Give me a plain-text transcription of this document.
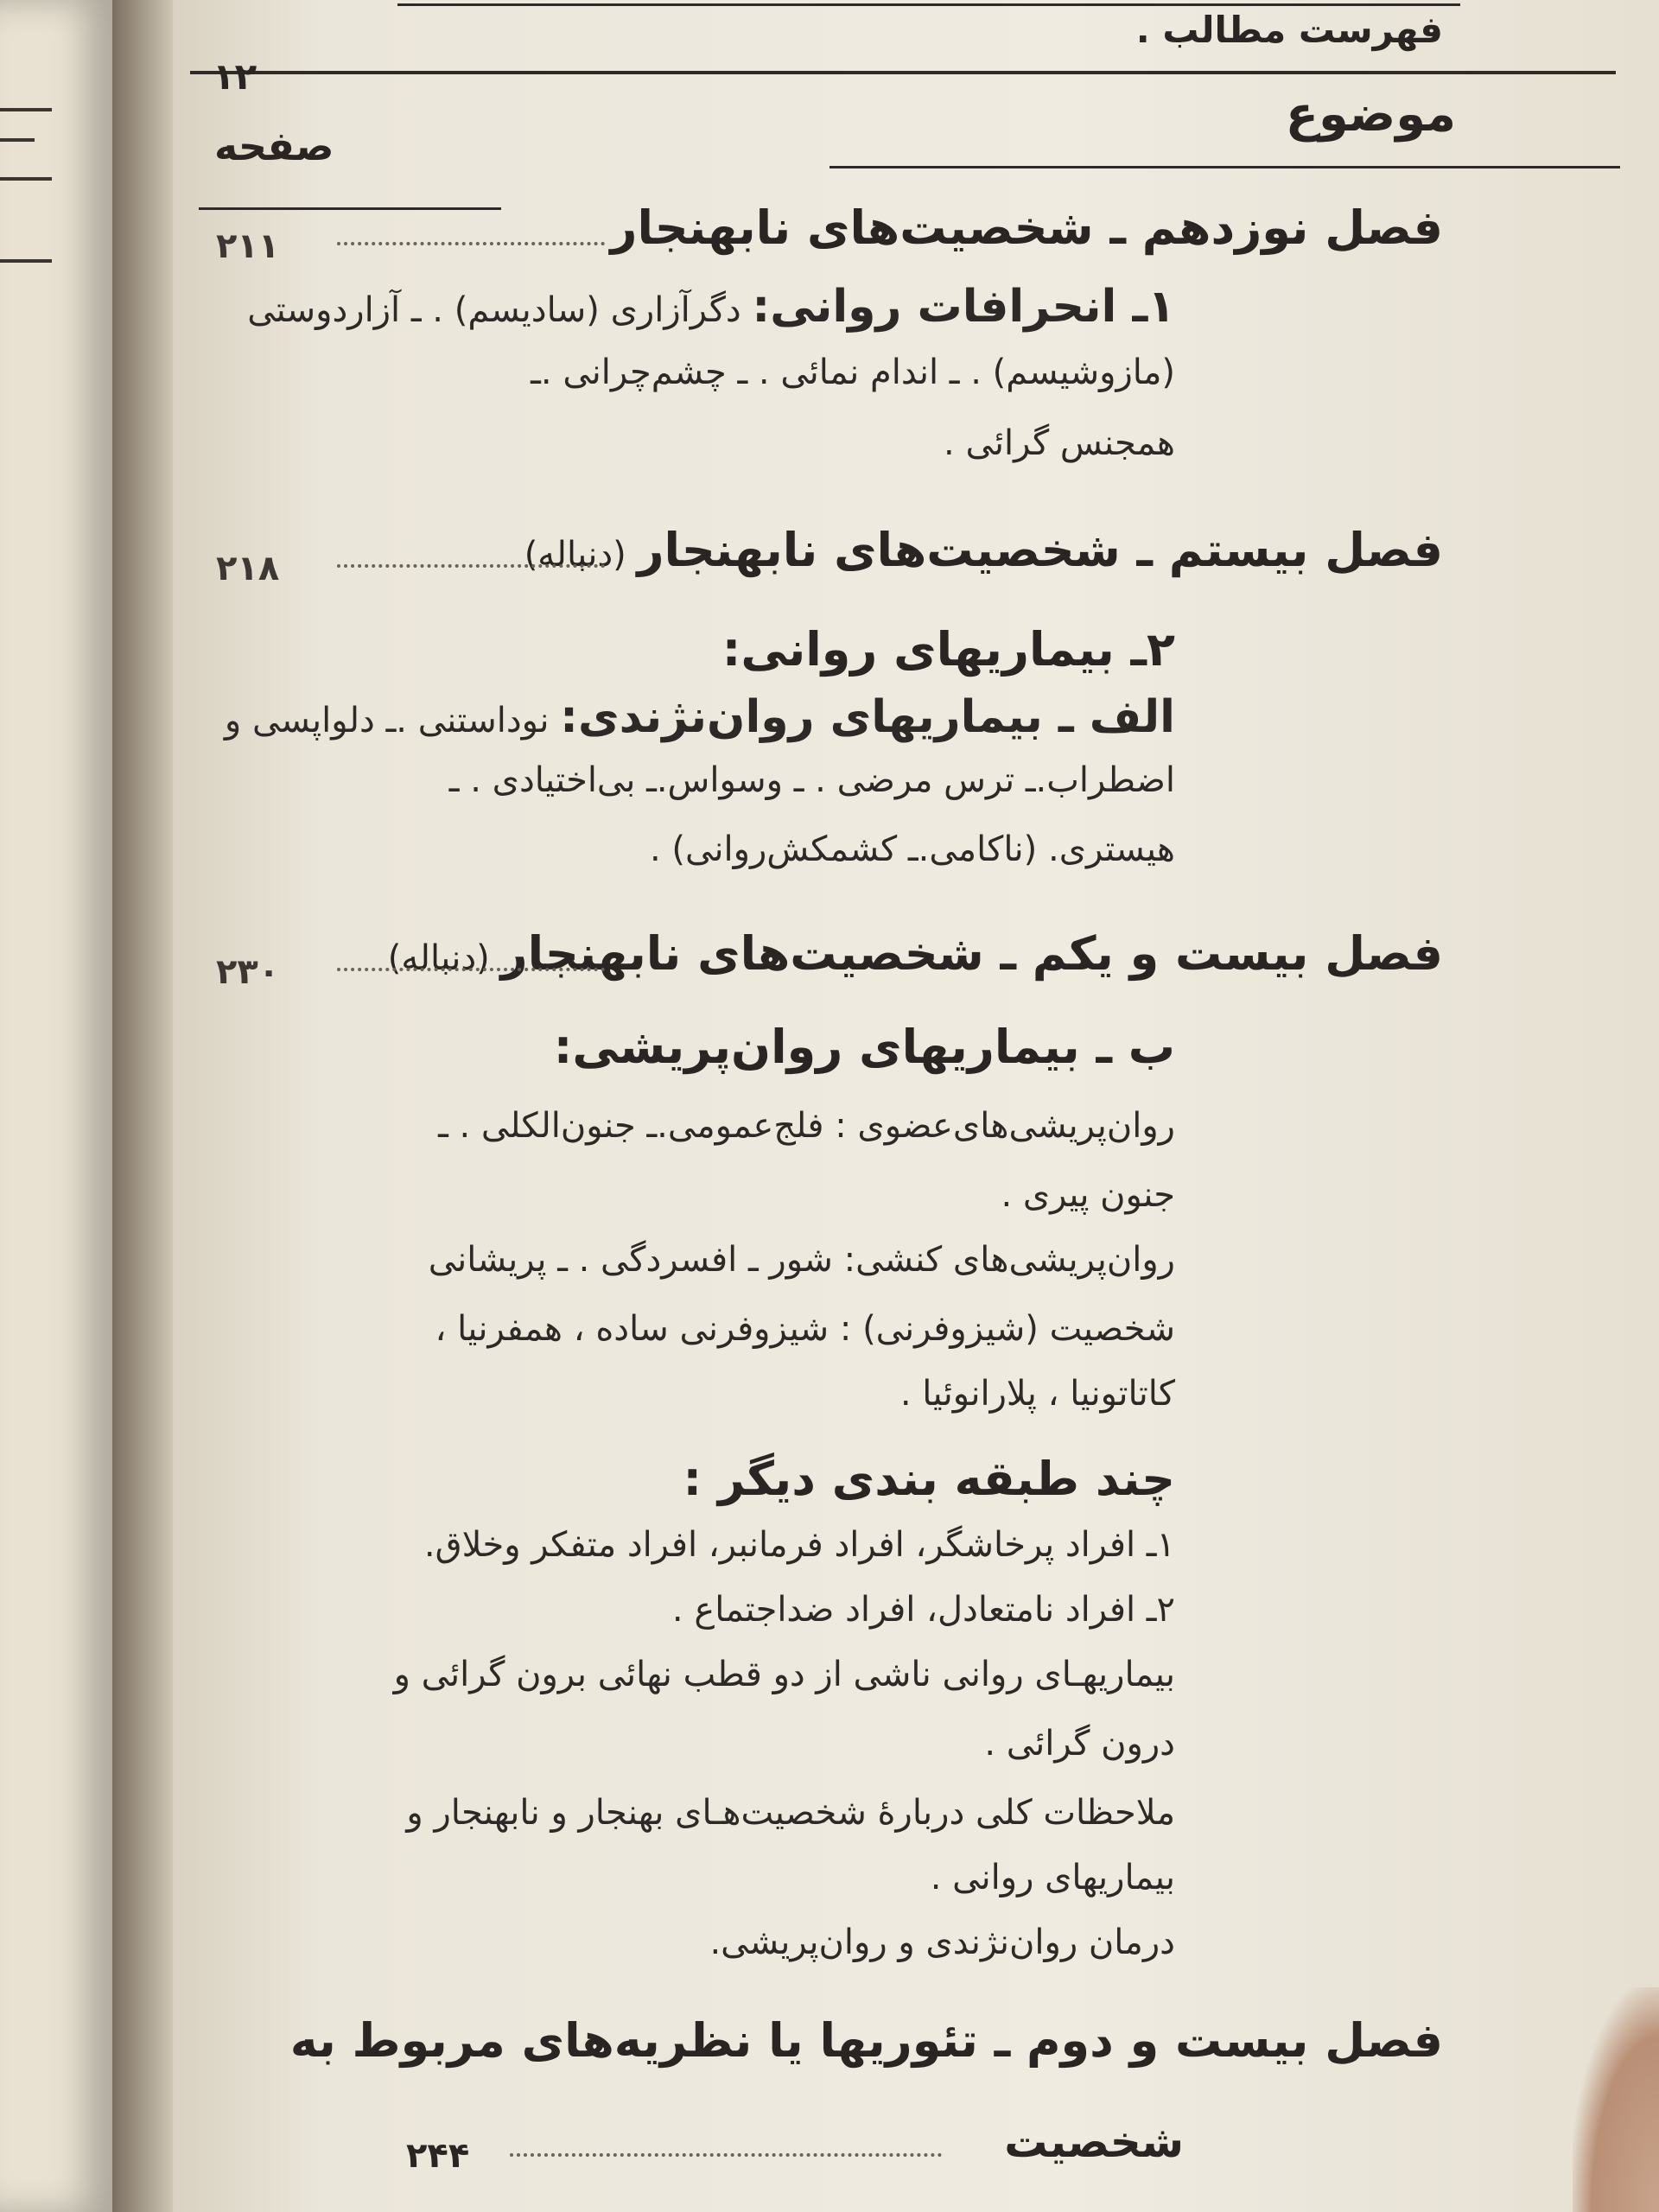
فهرست مطالب .
۱۲
موضوع
صفحه
فصل نوزدهم ـ شخصیت‌های نابهنجار
۲۱۱
۱ـ انحرافات روانی: دگرآزاری (سادیسم) . ـ آزاردوستی
(مازوشیسم) . ـ اندام نمائی . ـ چشم‌چرانی .ـ
همجنس گرائی .
فصل بیستم ـ شخصیت‌های نابهنجار (دنباله)
۲۱۸
۲ـ بیماریهای روانی:
الف ـ بیماریهای روان‌نژندی: نوداستنی .ـ دلواپسی و
اضطراب.ـ ترس مرضی . ـ وسواس.ـ بی‌اختیادی . ـ
هیستری. (ناکامی.ـ کشمکش‌روانی) .
فصل بیست و یکم ـ شخصیت‌های نابهنجار (دنباله)
۲۳۰
ب ـ بیماریهای روان‌پریشی:
روان‌پریشی‌های‌عضوی : فلج‌عمومی.ـ جنون‌الکلی . ـ
جنون پیری .
روان‌پریشی‌های کنشی: شور ـ افسردگی . ـ پریشانی
شخصیت (شیزوفرنی) : شیزوفرنی ساده ، همفرنیا ،
کاتاتونیا ، پلارانوئیا .
چند طبقه بندی دیگر :
۱ـ افراد پرخاشگر، افراد فرمانبر، افراد متفکر وخلاق.
۲ـ افراد نامتعادل، افراد ضداجتماع .
بیماریهـای روانی ناشی از دو قطب نهائی برون گرائی و
درون گرائی .
ملاحظات کلی دربارهٔ شخصیت‌هـای بهنجار و نابهنجار و
بیماریهای روانی .
درمان روان‌نژندی و روان‌پریشی.
فصل بیست و دوم ـ تئوریها یا نظریه‌های مربوط به
شخصیت
۲۴۴
